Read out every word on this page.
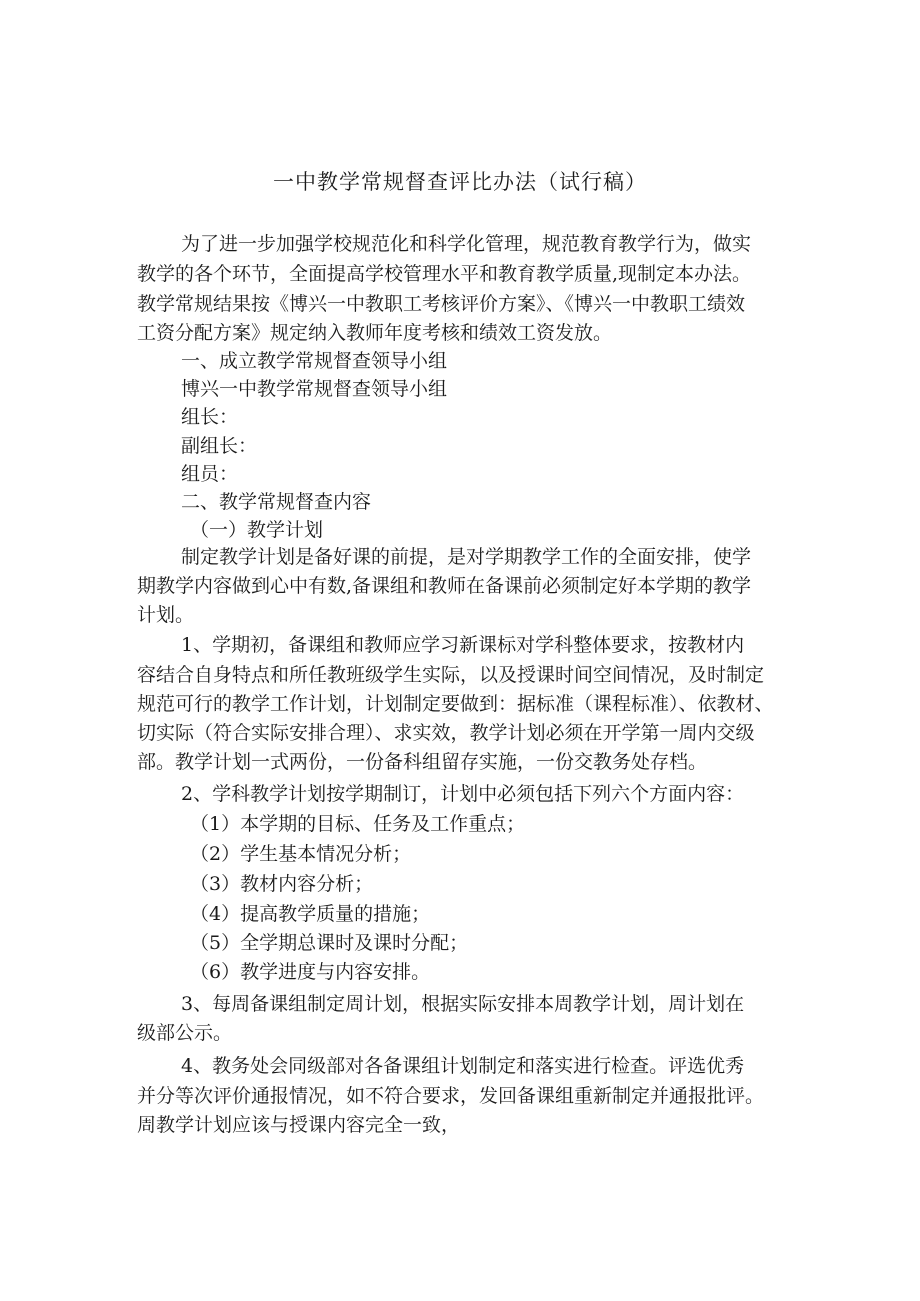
一中教学常规督查评比办法（试行稿）
为了进一步加强学校规范化和科学化管理，规范教育教学行为，做实
教学的各个环节，全面提高学校管理水平和教育教学质量,现制定本办法。
教学常规结果按《博兴一中教职工考核评价方案》、《博兴一中教职工绩效
工资分配方案》规定纳入教师年度考核和绩效工资发放。
一、成立教学常规督查领导小组
博兴一中教学常规督查领导小组
组长：
副组长：
组员：
二、教学常规督查内容
（一）教学计划
制定教学计划是备好课的前提，是对学期教学工作的全面安排，使学
期教学内容做到心中有数,备课组和教师在备课前必须制定好本学期的教学
计划。
1、学期初，备课组和教师应学习新课标对学科整体要求，按教材内
容结合自身特点和所任教班级学生实际，以及授课时间空间情况，及时制定
规范可行的教学工作计划，计划制定要做到：据标准（课程标准）、依教材、
切实际（符合实际安排合理）、求实效，教学计划必须在开学第一周内交级
部。教学计划一式两份，一份备科组留存实施，一份交教务处存档。
2、学科教学计划按学期制订，计划中必须包括下列六个方面内容：
（1）本学期的目标、任务及工作重点；
（2）学生基本情况分析；
（3）教材内容分析；
（4）提高教学质量的措施；
（5）全学期总课时及课时分配；
（6）教学进度与内容安排。
3、每周备课组制定周计划，根据实际安排本周教学计划，周计划在
级部公示。
4、教务处会同级部对各备课组计划制定和落实进行检查。评选优秀
并分等次评价通报情况，如不符合要求，发回备课组重新制定并通报批评。
周教学计划应该与授课内容完全一致，
